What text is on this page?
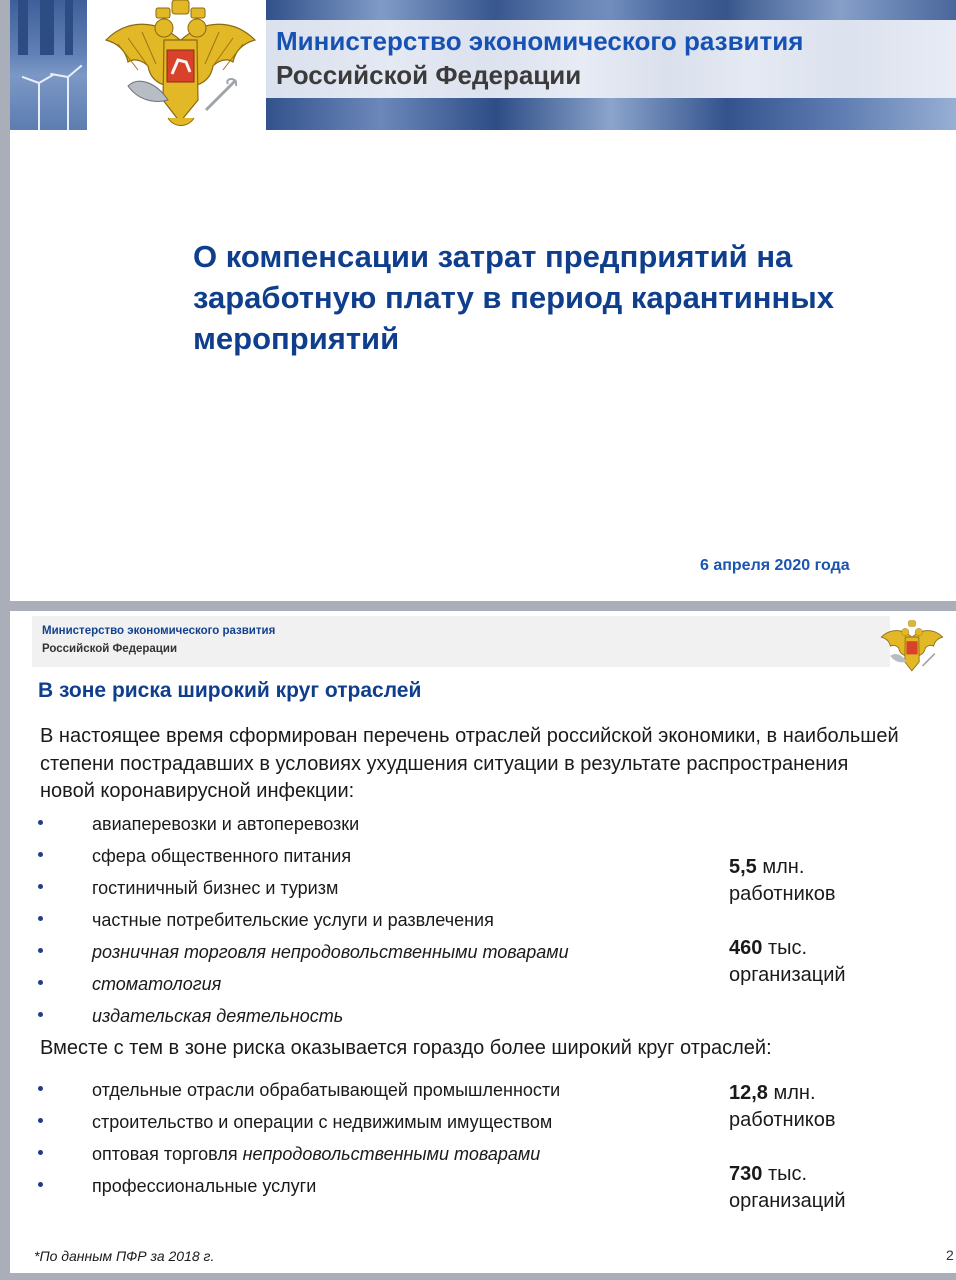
Министерство экономического развития
Российской Федерации
О компенсации затрат предприятий на заработную плату в период карантинных мероприятий
6 апреля 2020 года
Министерство экономического развития
Российской Федерации
В зоне риска широкий круг отраслей
В настоящее время сформирован перечень отраслей российской экономики, в наибольшей степени пострадавших в условиях ухудшения ситуации в результате распространения новой коронавирусной инфекции:
авиаперевозки и автоперевозки
сфера общественного питания
гостиничный бизнес и туризм
частные потребительские услуги и развлечения
розничная торговля непродовольственными товарами
стоматология
издательская деятельность
5,5 млн.
работников
460 тыс.
организаций
Вместе с тем в зоне риска оказывается гораздо более широкий круг отраслей:
отдельные отрасли обрабатывающей промышленности
строительство и операции с недвижимым имуществом
оптовая торговля непродовольственными товарами
профессиональные услуги
12,8 млн.
работников
730 тыс.
организаций
*По данным ПФР за 2018 г.	2
